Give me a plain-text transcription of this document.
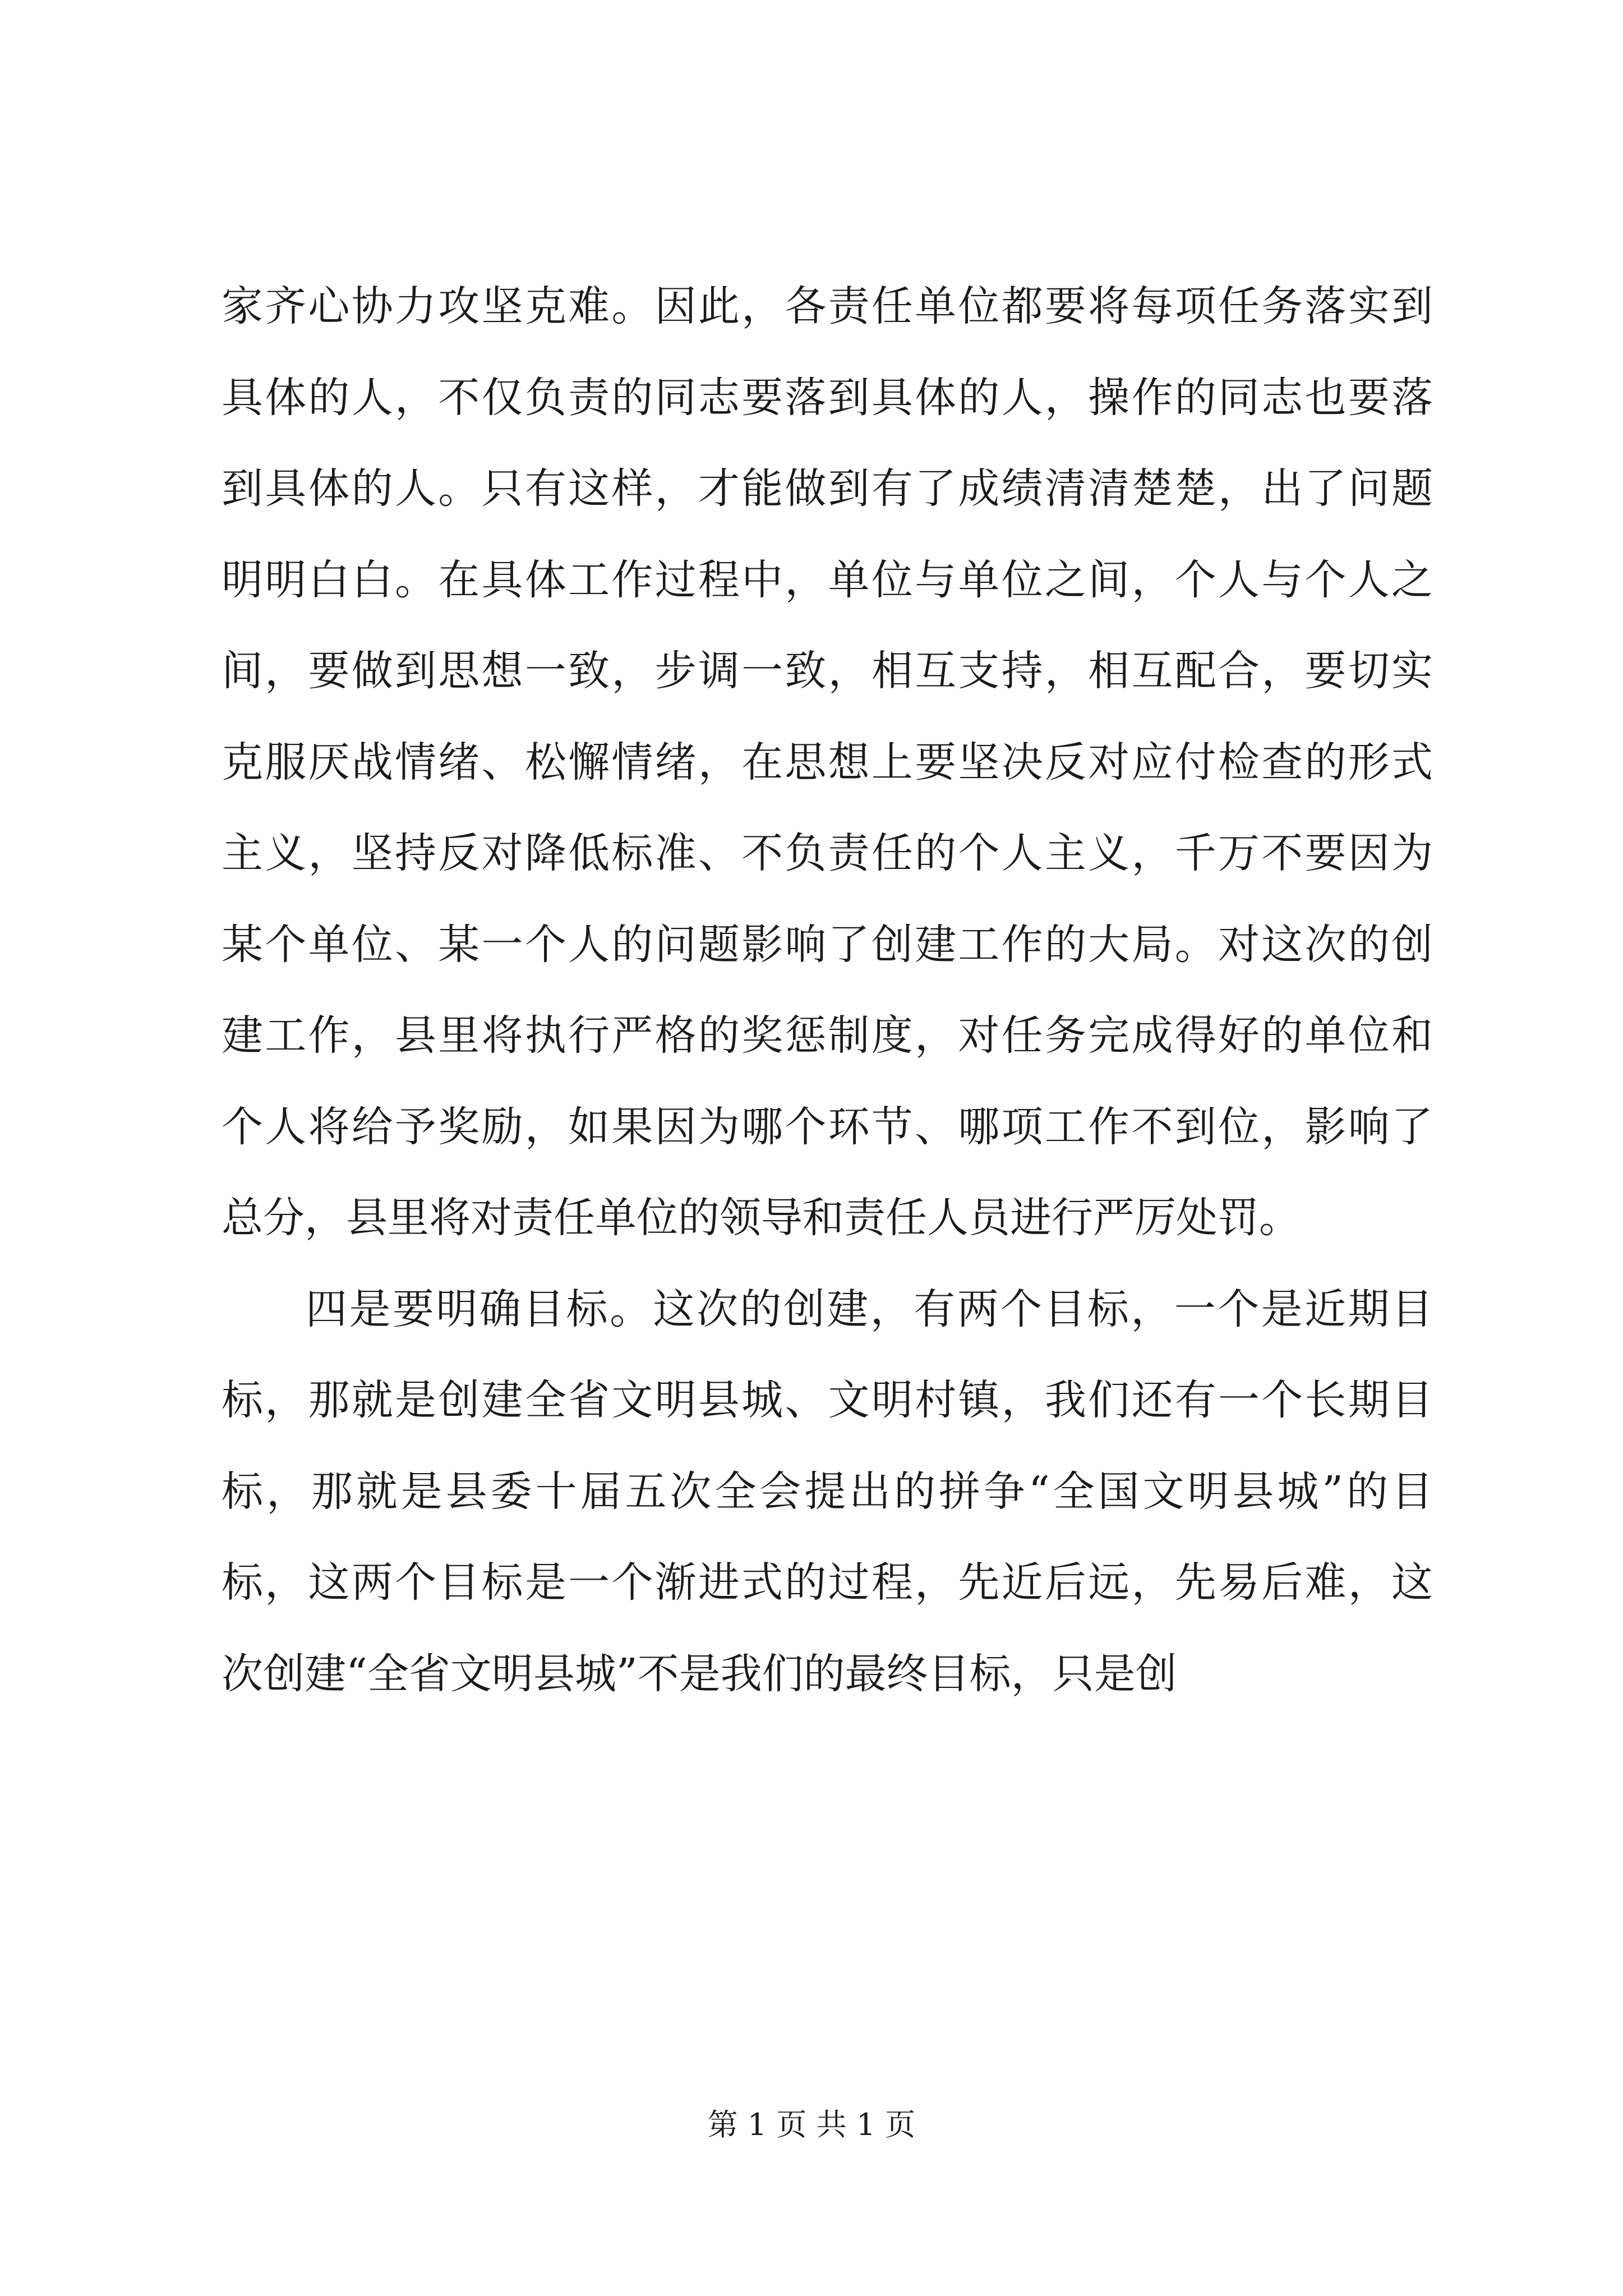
家齐心协力攻坚克难。因此，各责任单位都要将每项任务落实到
具体的人，不仅负责的同志要落到具体的人，操作的同志也要落
到具体的人。只有这样，才能做到有了成绩清清楚楚，出了问题
明明白白。在具体工作过程中，单位与单位之间，个人与个人之
间，要做到思想一致，步调一致，相互支持，相互配合，要切实
克服厌战情绪、松懈情绪，在思想上要坚决反对应付检查的形式
主义，坚持反对降低标准、不负责任的个人主义，千万不要因为
某个单位、某一个人的问题影响了创建工作的大局。对这次的创
建工作，县里将执行严格的奖惩制度，对任务完成得好的单位和
个人将给予奖励，如果因为哪个环节、哪项工作不到位，影响了
总分，县里将对责任单位的领导和责任人员进行严厉处罚。
四是要明确目标。这次的创建，有两个目标，一个是近期目
标，那就是创建全省文明县城、文明村镇，我们还有一个长期目
标，那就是县委十届五次全会提出的拼争“全国文明县城”的目
标，这两个目标是一个渐进式的过程，先近后远，先易后难，这
次创建“全省文明县城”不是我们的最终目标，只是创
第 1 页 共 1 页
